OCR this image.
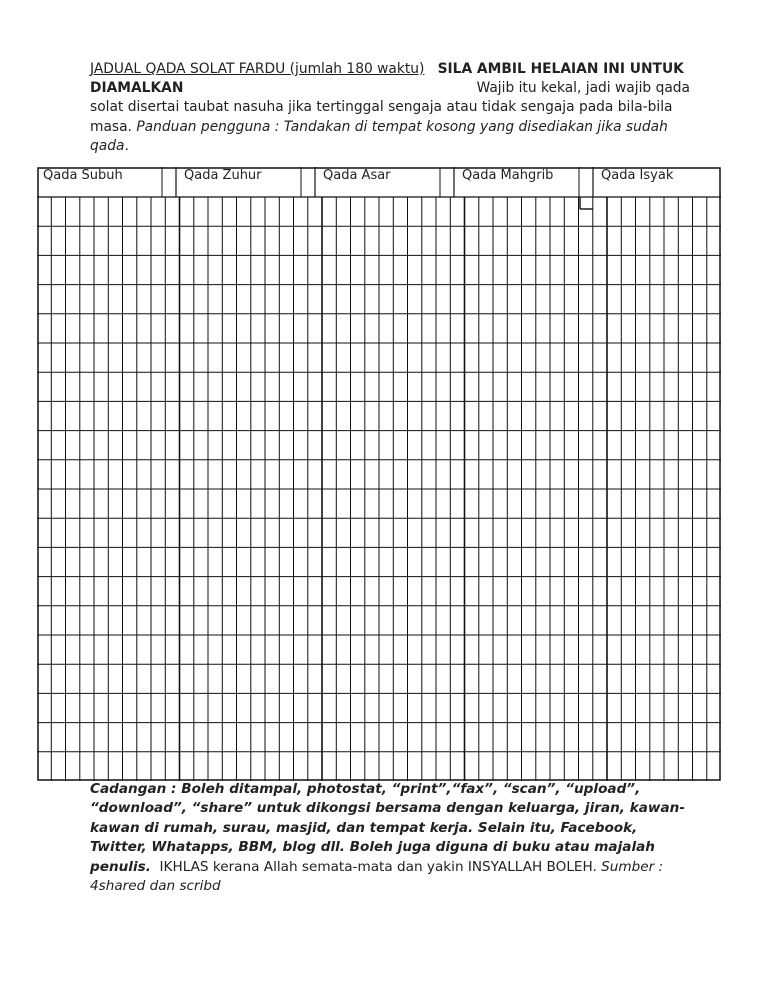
JADUAL QADA SOLAT FARDU (jumlah 180 waktu) SILA AMBIL HELAIAN INI UNTUK
DIAMALKAN	Wajib itu kekal, jadi wajib qada
solat disertai taubat nasuha jika tertinggal sengaja atau tidak sengaja pada bila-bila
masa. Panduan pengguna : Tandakan di tempat kosong yang disediakan jika sudah
qada.
Qada Subuh	Qada Zuhur	Qada Asar	Qada Mahgrib	Qada Isyak
Cadangan : Boleh ditampal, photostat, “print”,“fax”, “scan”, “upload”, “download”, “share” untuk dikongsi bersama dengan keluarga, jiran, kawan-kawan di rumah, surau, masjid, dan tempat kerja. Selain itu, Facebook, Twitter, Whatapps, BBM, blog dll. Boleh juga diguna di buku atau majalah penulis. IKHLAS kerana Allah semata-mata dan yakin INSYALLAH BOLEH. Sumber : 4shared dan scribd
